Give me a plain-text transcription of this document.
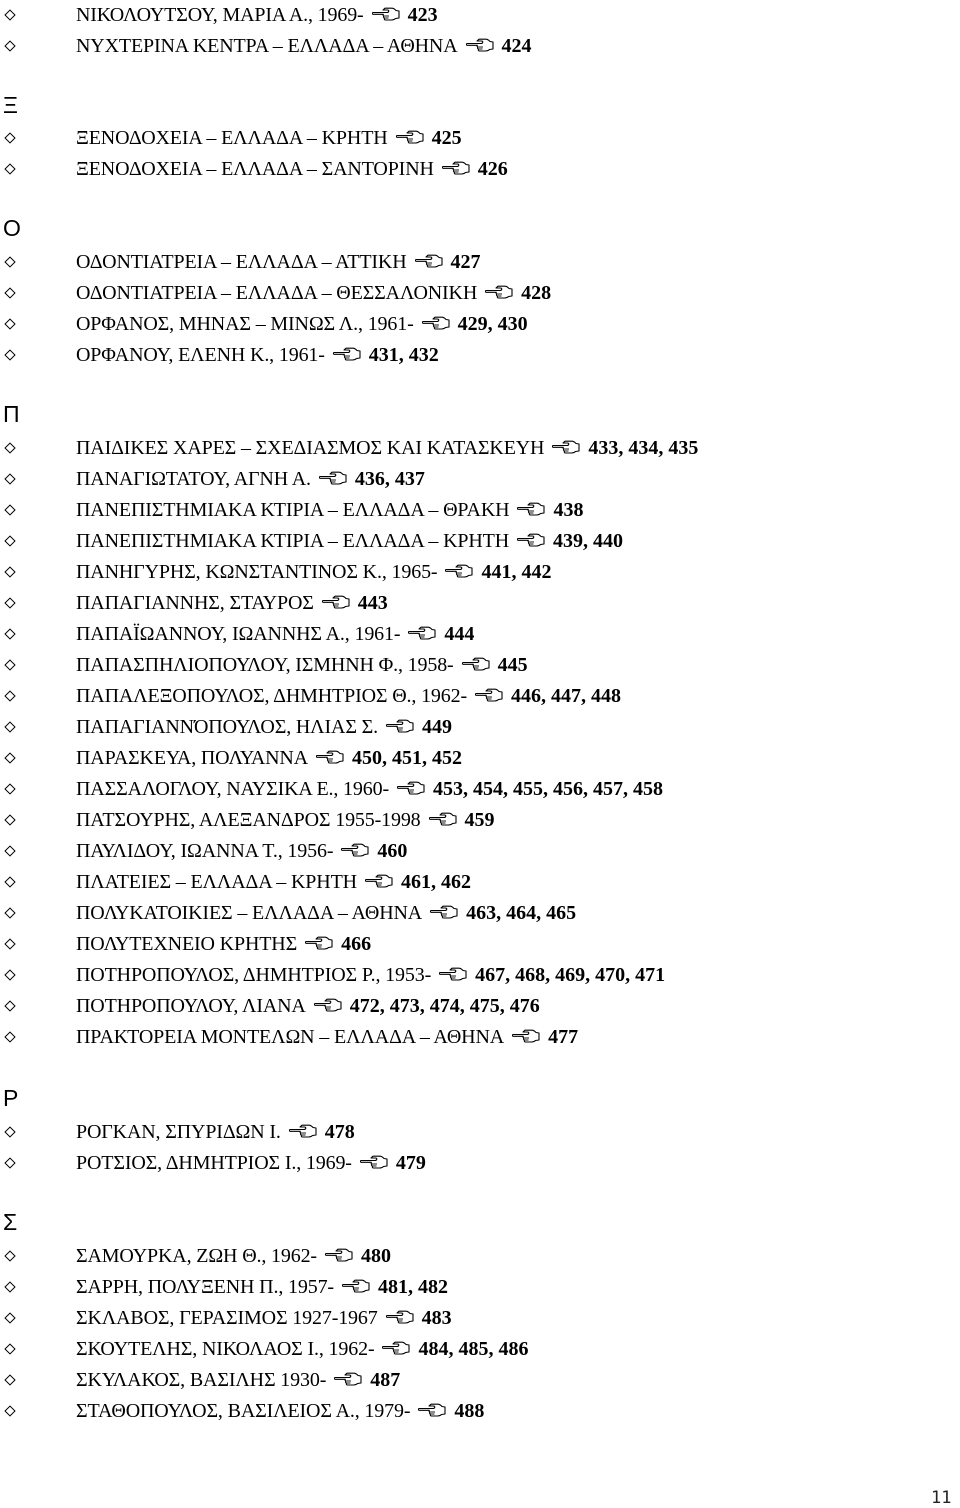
ΝΙΚΟΛΟΥΤΣΟΥ, ΜΑΡΙΑ Α., 1969- 423
ΝΥΧΤΕΡΙΝΑ ΚΕΝΤΡΑ – ΕΛΛΑΔΑ – ΑΘΗΝΑ 424
Ξ
ΞΕΝΟΔΟΧΕΙΑ – ΕΛΛΑΔΑ – ΚΡΗΤΗ 425
ΞΕΝΟΔΟΧΕΙΑ – ΕΛΛΑΔΑ – ΣΑΝΤΟΡΙΝΗ 426
Ο
ΟΔΟΝΤΙΑΤΡΕΙΑ – ΕΛΛΑΔΑ – ΑΤΤΙΚΗ 427
ΟΔΟΝΤΙΑΤΡΕΙΑ – ΕΛΛΑΔΑ – ΘΕΣΣΑΛΟΝΙΚΗ 428
ΟΡΦΑΝΟΣ, ΜΗΝΑΣ – ΜΙΝΩΣ Λ., 1961- 429, 430
ΟΡΦΑΝΟΥ, ΕΛΕΝΗ Κ., 1961- 431, 432
Π
ΠΑΙΔΙΚΕΣ ΧΑΡΕΣ – ΣΧΕΔΙΑΣΜΟΣ ΚΑΙ ΚΑΤΑΣΚΕΥΗ 433, 434, 435
ΠΑΝΑΓΙΩΤΑΤΟΥ, ΑΓΝΗ Α. 436, 437
ΠΑΝΕΠΙΣΤΗΜΙΑΚΑ ΚΤΙΡΙΑ – ΕΛΛΑΔΑ – ΘΡΑΚΗ 438
ΠΑΝΕΠΙΣΤΗΜΙΑΚΑ ΚΤΙΡΙΑ – ΕΛΛΑΔΑ – ΚΡΗΤΗ 439, 440
ΠΑΝΗΓΥΡΗΣ, ΚΩΝΣΤΑΝΤΙΝΟΣ Κ., 1965- 441, 442
ΠΑΠΑΓΙΑΝΝΗΣ, ΣΤΑΥΡΟΣ 443
ΠΑΠΑΪΩΑΝΝΟΥ, ΙΩΑΝΝΗΣ Α., 1961- 444
ΠΑΠΑΣΠΗΛΙΟΠΟΥΛΟΥ, ΙΣΜΗΝΗ Φ., 1958- 445
ΠΑΠΑΛΕΞΟΠΟΥΛΟΣ, ΔΗΜΗΤΡΙΟΣ Θ., 1962- 446, 447, 448
ΠΑΠΑΓΙΑΝΝΌΠΟΥΛΟΣ, ΗΛΙΑΣ Σ. 449
ΠΑΡΑΣΚΕΥΑ, ΠΟΛΥΑΝΝΑ 450, 451, 452
ΠΑΣΣΑΛΟΓΛΟΥ, ΝΑΥΣΙΚΑ Ε., 1960- 453, 454, 455, 456, 457, 458
ΠΑΤΣΟΥΡΗΣ, ΑΛΕΞΑΝΔΡΟΣ 1955-1998 459
ΠΑΥΛΙΔΟΥ, ΙΩΑΝΝΑ Τ., 1956- 460
ΠΛΑΤΕΙΕΣ – ΕΛΛΑΔΑ – ΚΡΗΤΗ 461, 462
ΠΟΛΥΚΑΤΟΙΚΙΕΣ – ΕΛΛΑΔΑ – ΑΘΗΝΑ 463, 464, 465
ΠΟΛΥΤΕΧΝΕΙΟ ΚΡΗΤΗΣ 466
ΠΟΤΗΡΟΠΟΥΛΟΣ, ΔΗΜΗΤΡΙΟΣ Ρ., 1953- 467, 468, 469, 470, 471
ΠΟΤΗΡΟΠΟΥΛΟΥ, ΛΙΑΝΑ 472, 473, 474, 475, 476
ΠΡΑΚΤΟΡΕΙΑ ΜΟΝΤΕΛΩΝ – ΕΛΛΑΔΑ – ΑΘΗΝΑ 477
Ρ
ΡΟΓΚΑΝ, ΣΠΥΡΙΔΩΝ Ι. 478
ΡΟΤΣΙΟΣ, ΔΗΜΗΤΡΙΟΣ Ι., 1969- 479
Σ
ΣΑΜΟΥΡΚΑ, ΖΩΗ Θ., 1962- 480
ΣΑΡΡΗ, ΠΟΛΥΞΕΝΗ Π., 1957- 481, 482
ΣΚΛΑΒΟΣ, ΓΕΡΑΣΙΜΟΣ 1927-1967 483
ΣΚΟΥΤΕΛΗΣ, ΝΙΚΟΛΑΟΣ Ι., 1962- 484, 485, 486
ΣΚΥΛΑΚΟΣ, ΒΑΣΙΛΗΣ 1930- 487
ΣΤΑΘΟΠΟΥΛΟΣ, ΒΑΣΙΛΕΙΟΣ Α., 1979- 488
11
